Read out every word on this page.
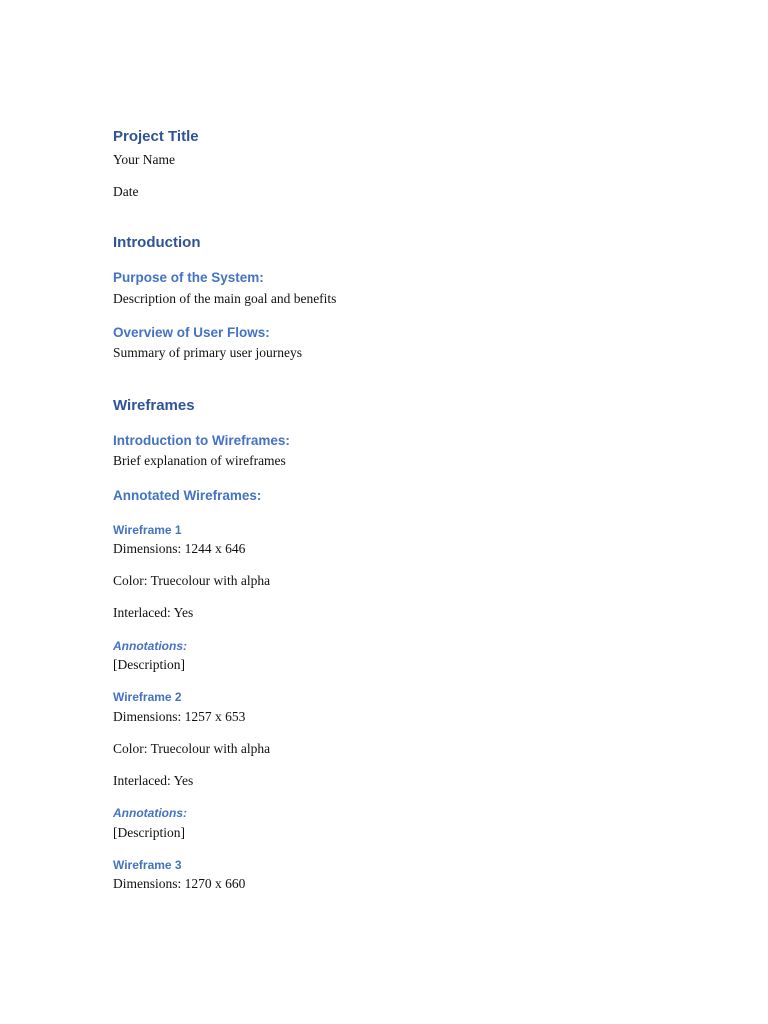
Project Title

Your Name

Date

Introduction
Purpose of the System:

Description of the main goal and benefits

Overview of User Flows:

Summary of primary user journeys

Wireframes
Introduction to Wireframes:

Brief explanation of wireframes

Annotated Wireframes:
Wireframe 1

Dimensions: 1244 x 646

Color: Truecolour with alpha

Interlaced: Yes

Annotations:

[Description]

Wireframe 2

Dimensions: 1257 x 653

Color: Truecolour with alpha

Interlaced: Yes

Annotations:

[Description]

Wireframe 3

Dimensions: 1270 x 660
